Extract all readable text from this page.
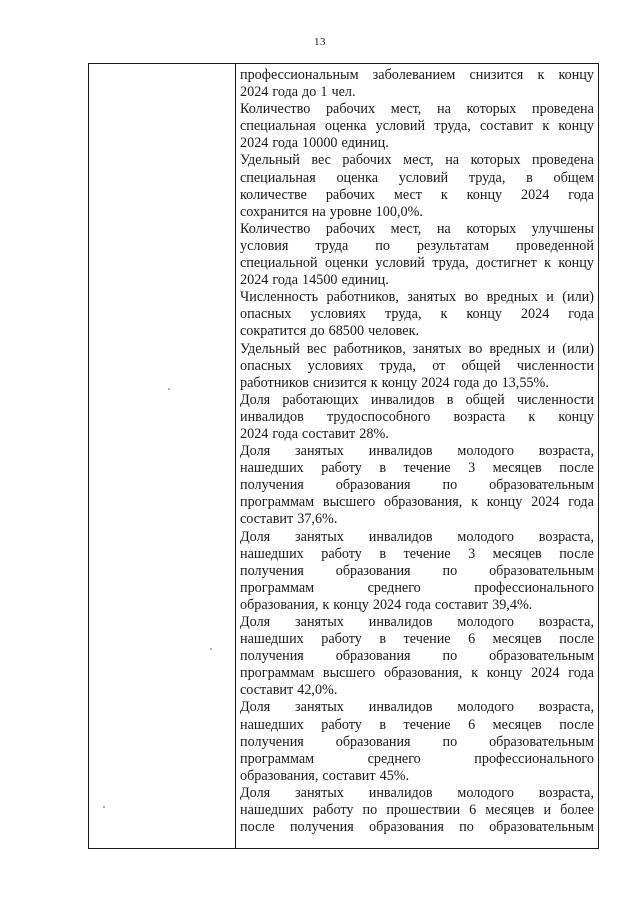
13
профессиональным заболеванием снизится к концу
2024 года до 1 чел.
Количество рабочих мест, на которых проведена
специальная оценка условий труда, составит к концу
2024 года 10000 единиц.
Удельный вес рабочих мест, на которых проведена
специальная оценка условий труда, в общем
количестве рабочих мест к концу 2024 года
сохранится на уровне 100,0%.
Количество рабочих мест, на которых улучшены
условия труда по результатам проведенной
специальной оценки условий труда, достигнет к концу
2024 года 14500 единиц.
Численность работников, занятых во вредных и (или)
опасных условиях труда, к концу 2024 года
сократится до 68500 человек.
Удельный вес работников, занятых во вредных и (или)
опасных условиях труда, от общей численности
работников снизится к концу 2024 года до 13,55%.
Доля работающих инвалидов в общей численности
инвалидов трудоспособного возраста к концу
2024 года составит 28%.
Доля занятых инвалидов молодого возраста,
нашедших работу в течение 3 месяцев после
получения образования по образовательным
программам высшего образования, к концу 2024 года
составит 37,6%.
Доля занятых инвалидов молодого возраста,
нашедших работу в течение 3 месяцев после
получения образования по образовательным
программам	среднего	профессионального
образования, к концу 2024 года составит 39,4%.
Доля занятых инвалидов молодого возраста,
нашедших работу в течение 6 месяцев после
получения образования по образовательным
программам высшего образования, к концу 2024 года
составит 42,0%.
Доля занятых инвалидов молодого возраста,
нашедших работу в течение 6 месяцев после
получения образования по образовательным
программам	среднего	профессионального
образования, составит 45%.
Доля занятых инвалидов молодого возраста,
нашедших работу по прошествии 6 месяцев и более
после получения образования по образовательным
